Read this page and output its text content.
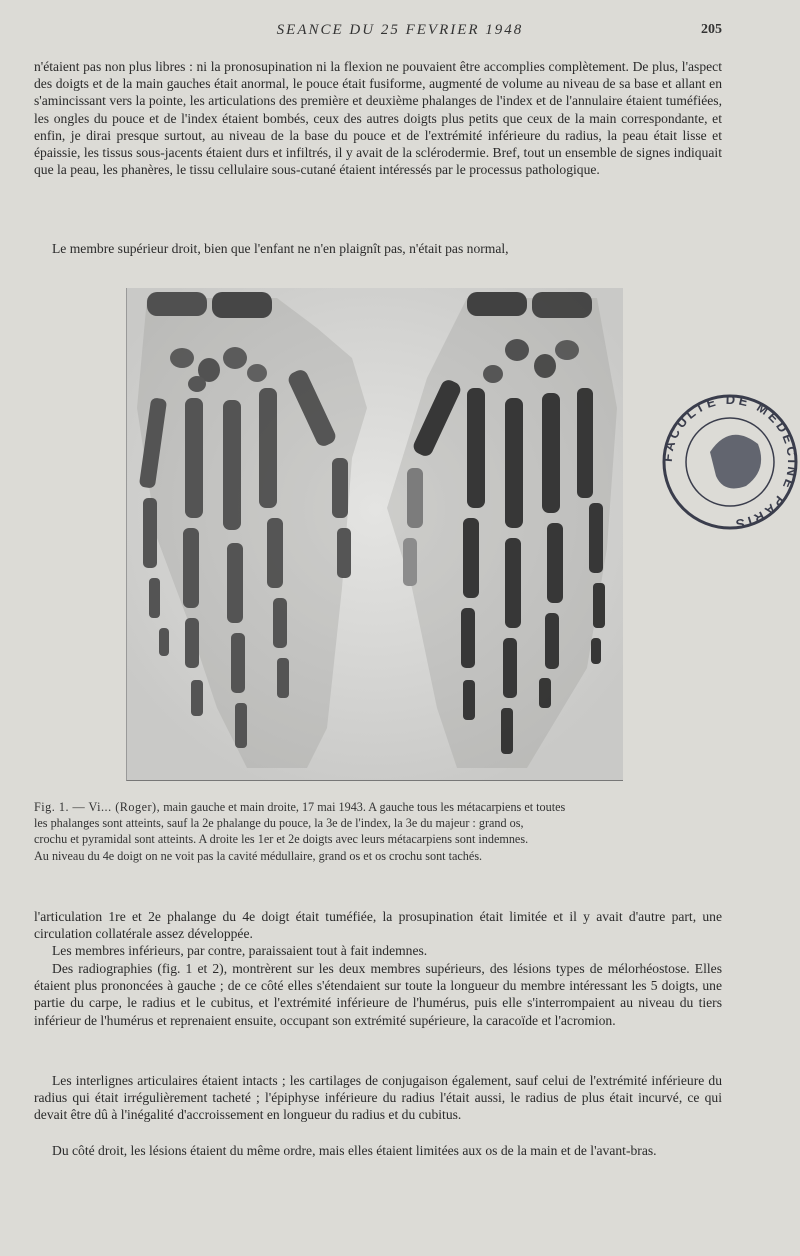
SEANCE DU 25 FEVRIER 1948	205

n'étaient pas non plus libres : ni la pronosupination ni la flexion ne pouvaient être accomplies complètement. De plus, l'aspect des doigts et de la main gauches était anormal, le pouce était fusiforme, augmenté de volume au niveau de sa base et allant en s'amincissant vers la pointe, les articulations des première et deuxième phalanges de l'index et de l'annulaire étaient tuméfiées, les ongles du pouce et de l'index étaient bombés, ceux des autres doigts plus petits que ceux de la main correspondante, et enfin, je dirai presque surtout, au niveau de la base du pouce et de l'extrémité inférieure du radius, la peau était lisse et épaissie, les tissus sous-jacents étaient durs et infiltrés, il y avait de la sclérodermie. Bref, tout un ensemble de signes indiquait que la peau, les phanères, le tissu cellulaire sous-cutané étaient intéressés par le processus pathologique.

Le membre supérieur droit, bien que l'enfant ne n'en plaignît pas, n'était pas normal,

FACULTE DE MEDECINE PARIS
Fig. 1. — Vi... (Roger), main gauche et main droite, 17 mai 1943. A gauche tous les métacarpiens et toutes
les phalanges sont atteints, sauf la 2e phalange du pouce, la 3e de l'index, la 3e du majeur : grand os,
crochu et pyramidal sont atteints. A droite les 1er et 2e doigts avec leurs métacarpiens sont indemnes.
Au niveau du 4e doigt on ne voit pas la cavité médullaire, grand os et os crochu sont tachés.

l'articulation 1re et 2e phalange du 4e doigt était tuméfiée, la prosupination était limitée et il y avait d'autre part, une circulation collatérale assez développée.

Les membres inférieurs, par contre, paraissaient tout à fait indemnes.

Des radiographies (fig. 1 et 2), montrèrent sur les deux membres supérieurs, des lésions types de mélorhéostose. Elles étaient plus prononcées à gauche ; de ce côté elles s'étendaient sur toute la longueur du membre intéressant les 5 doigts, une partie du carpe, le radius et le cubitus, et l'extrémité inférieure de l'humérus, puis elle s'interrompaient au niveau du tiers inférieur de l'humérus et reprenaient ensuite, occupant son extrémité supérieure, la caracoïde et l'acromion.

Les interlignes articulaires étaient intacts ; les cartilages de conjugaison également, sauf celui de l'extrémité inférieure du radius qui était irrégulièrement tacheté ; l'épiphyse inférieure du radius l'était aussi, le radius de plus était incurvé, ce qui devait être dû à l'inégalité d'accroissement en longueur du radius et du cubitus.

Du côté droit, les lésions étaient du même ordre, mais elles étaient limitées aux os de la main et de l'avant-bras.
